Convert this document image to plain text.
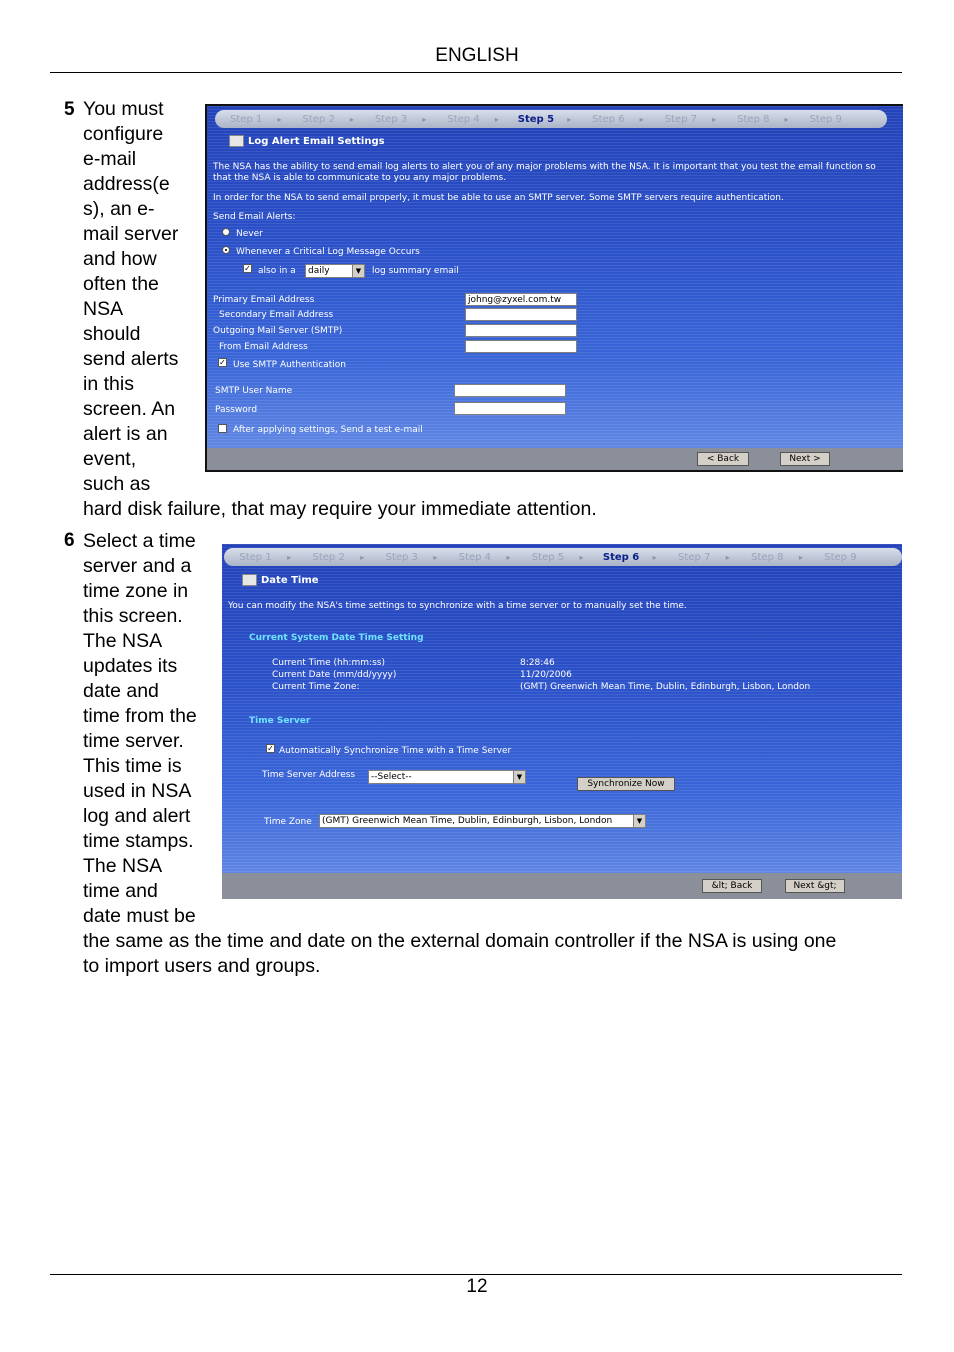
ENGLISH
5 You must
configure
e-mail
address(e
s), an e-
mail server
and how
often the
NSA
should
send alerts
in this
screen. An
alert is an
event,
such as
hard disk failure, that may require your immediate attention.
Step 1	▸	Step 2	▸	Step 3	▸	Step 4	▸	Step 5	▸	Step 6	▸	Step 7	▸	Step 8	▸	Step 9
Log Alert Email Settings
The NSA has the ability to send email log alerts to alert you of any major problems with the NSA. It is important that you test the email function so
that the NSA is able to communicate to you any major problems.
In order for the NSA to send email properly, it must be able to use an SMTP server. Some SMTP servers require authentication.
Send Email Alerts:
Never
Whenever a Critical Log Message Occurs
✓ also in a	daily	▼	log summary email
Primary Email Address	johng@zyxel.com.tw
Secondary Email Address
Outgoing Mail Server (SMTP)
From Email Address
✓ Use SMTP Authentication
SMTP User Name
Password
After applying settings, Send a test e-mail
< Back	Next >
6 Select a time
server and a
time zone in
this screen.
The NSA
updates its
date and
time from the
time server.
This time is
used in NSA
log and alert
time stamps.
The NSA
time and
date must be
the same as the time and date on the external domain controller if the NSA is using one
to import users and groups.
Step 1	▸	Step 2	▸	Step 3	▸	Step 4	▸	Step 5	▸	Step 6	▸	Step 7	▸	Step 8	▸	Step 9
Date Time
You can modify the NSA's time settings to synchronize with a time server or to manually set the time.
Current System Date Time Setting
Current Time (hh:mm:ss)	8:28:46
Current Date (mm/dd/yyyy)	11/20/2006
Current Time Zone:	(GMT) Greenwich Mean Time, Dublin, Edinburgh, Lisbon, London
Time Server
✓ Automatically Synchronize Time with a Time Server
Time Server Address	--Select--	▼
Synchronize Now
Time Zone	(GMT) Greenwich Mean Time, Dublin, Edinburgh, Lisbon, London	▼
&lt; Back	Next &gt;
12
